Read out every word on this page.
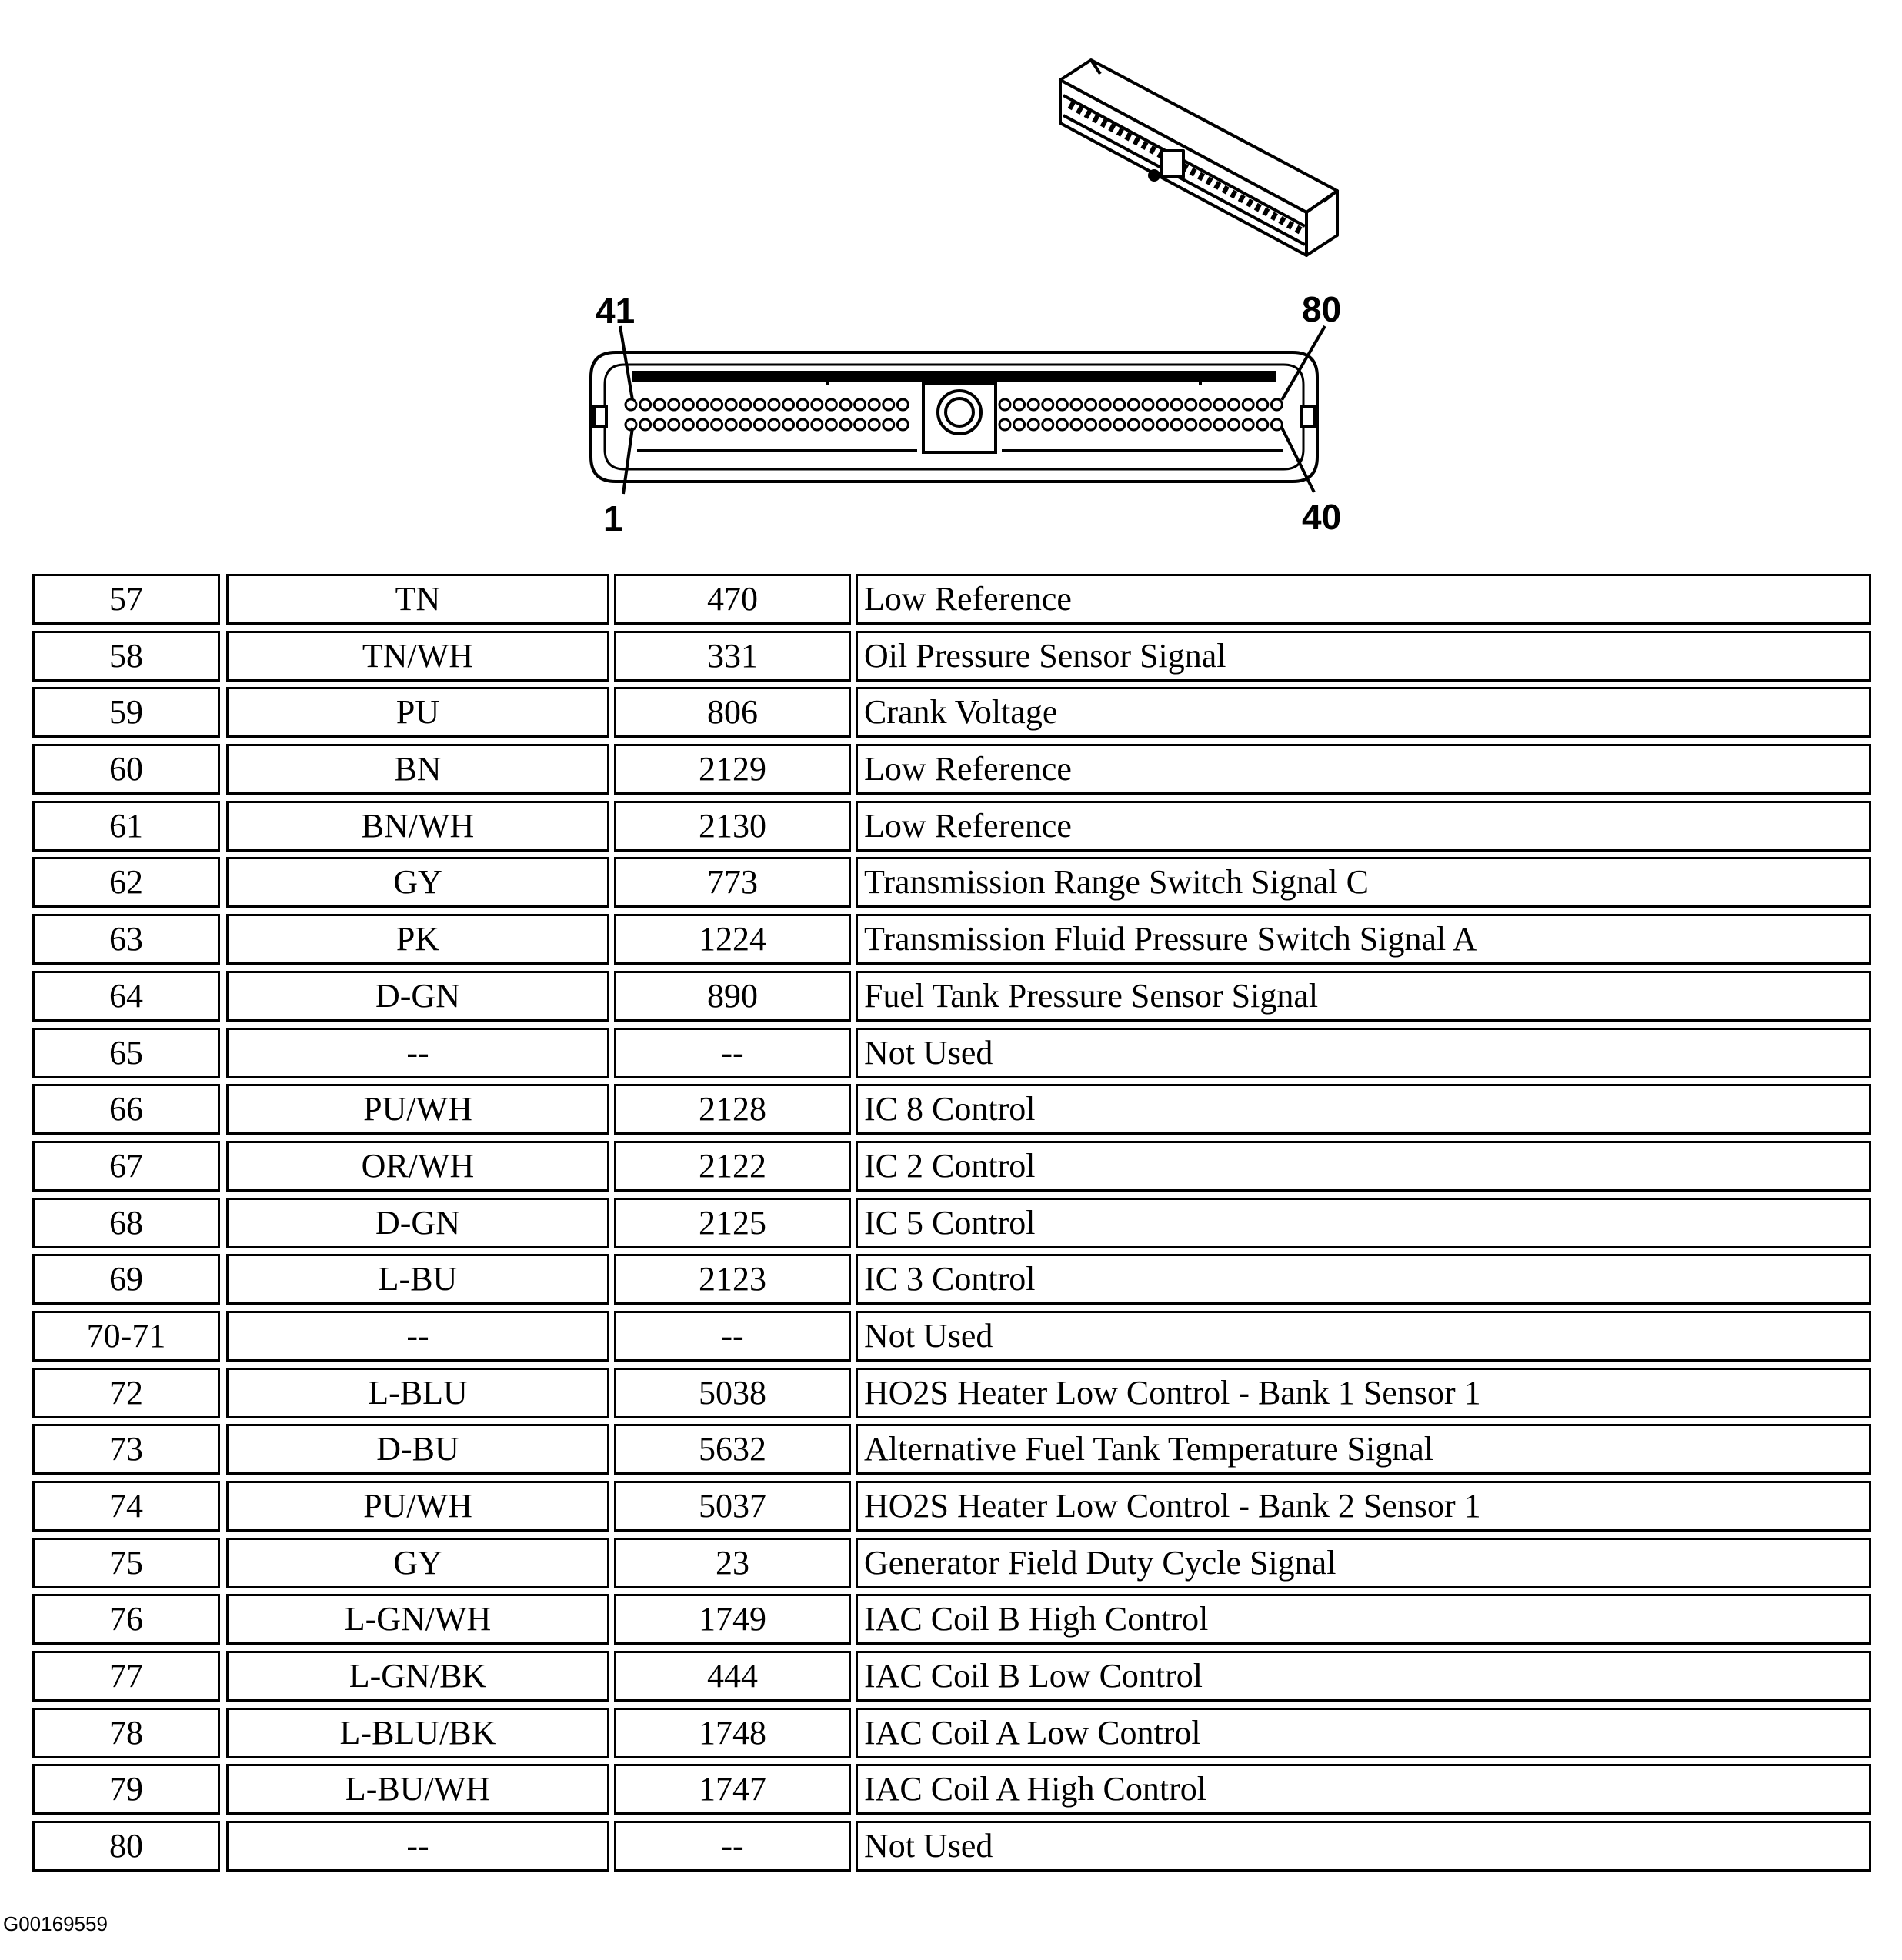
41	80
1	40
57	TN	470	Low Reference
58	TN/WH	331	Oil Pressure Sensor Signal
59	PU	806	Crank Voltage
60	BN	2129	Low Reference
61	BN/WH	2130	Low Reference
62	GY	773	Transmission Range Switch Signal C
63	PK	1224	Transmission Fluid Pressure Switch Signal A
64	D-GN	890	Fuel Tank Pressure Sensor Signal
65	--	--	Not Used
66	PU/WH	2128	IC 8 Control
67	OR/WH	2122	IC 2 Control
68	D-GN	2125	IC 5 Control
69	L-BU	2123	IC 3 Control
70-71	--	--	Not Used
72	L-BLU	5038	HO2S Heater Low Control - Bank 1 Sensor 1
73	D-BU	5632	Alternative Fuel Tank Temperature Signal
74	PU/WH	5037	HO2S Heater Low Control - Bank 2 Sensor 1
75	GY	23	Generator Field Duty Cycle Signal
76	L-GN/WH	1749	IAC Coil B High Control
77	L-GN/BK	444	IAC Coil B Low Control
78	L-BLU/BK	1748	IAC Coil A Low Control
79	L-BU/WH	1747	IAC Coil A High Control
80	--	--	Not Used
G00169559
